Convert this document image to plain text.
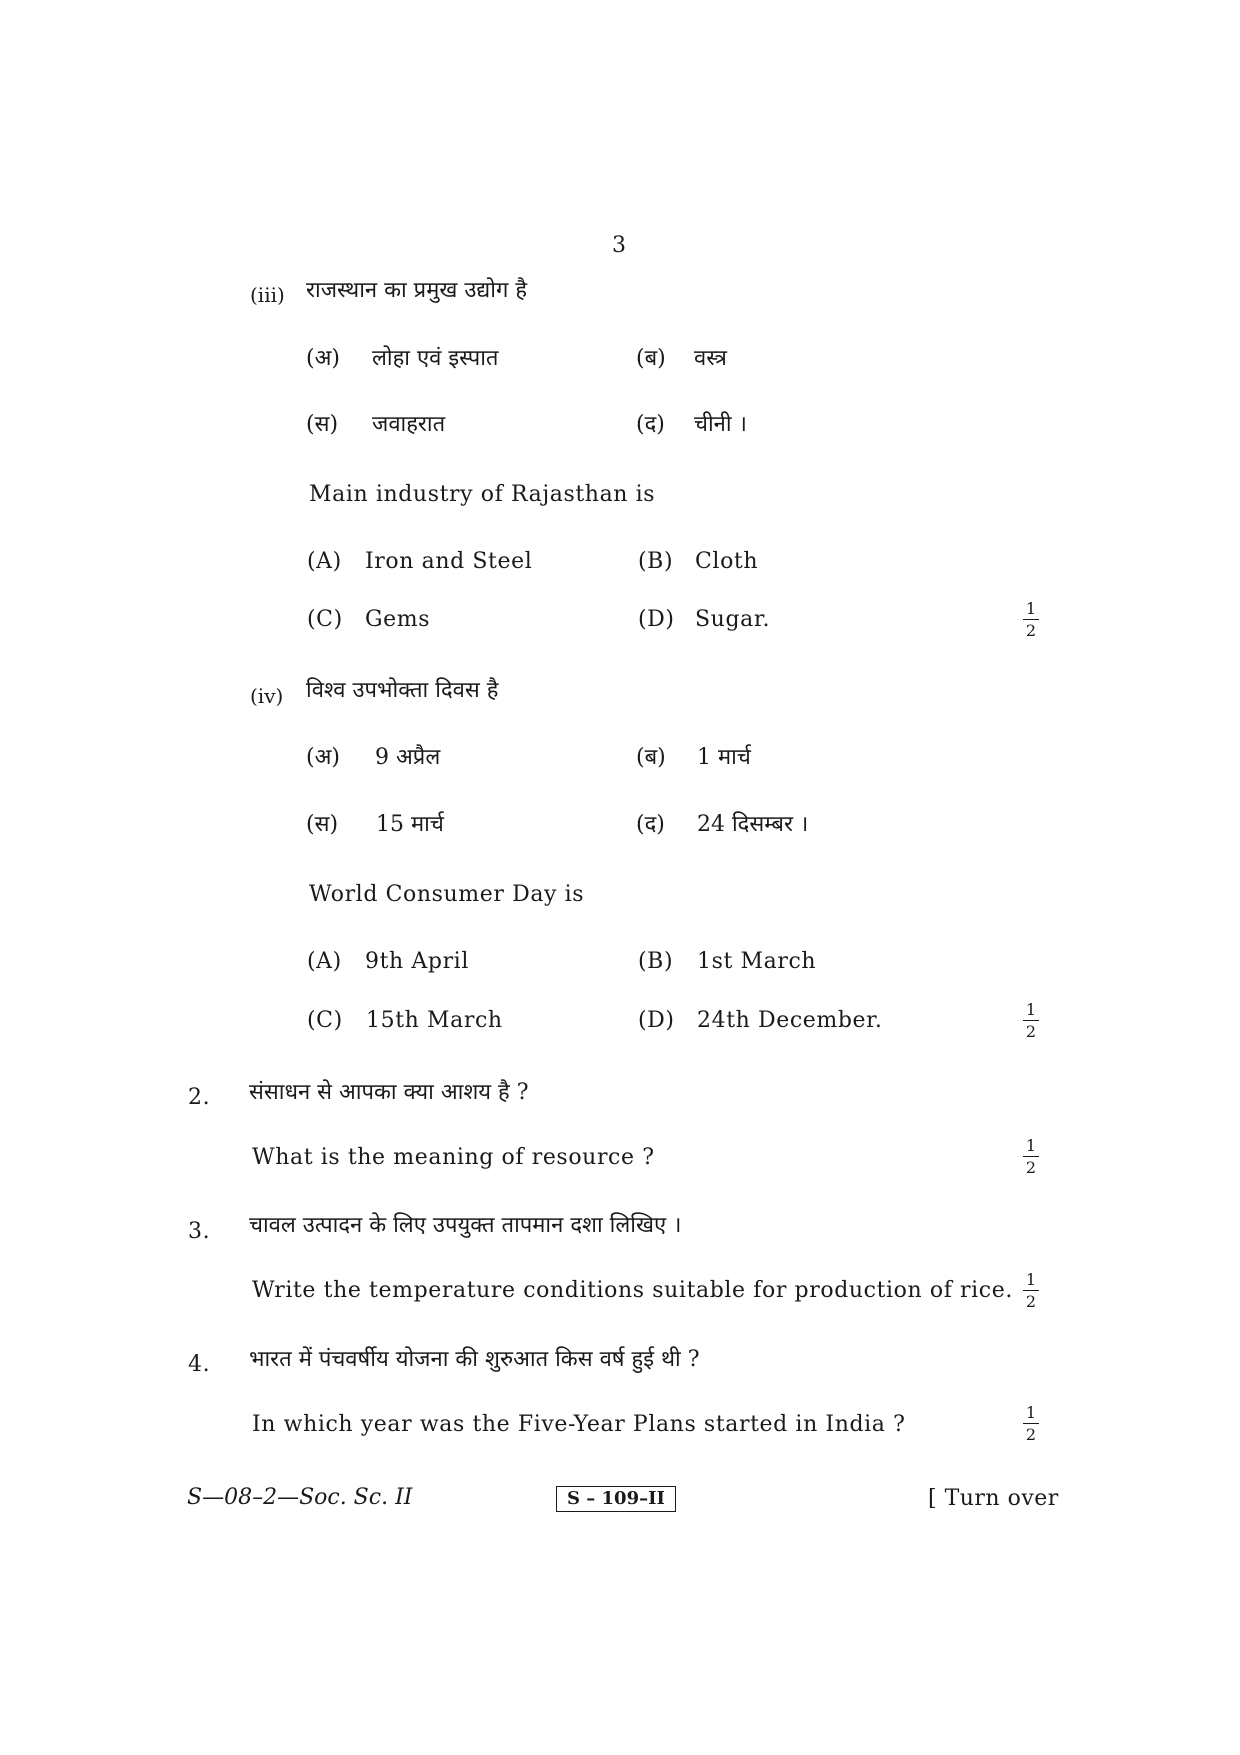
3
(iii) राजस्थान का प्रमुख उद्योग है
(अ) लोहा एवं इस्पात	(ब) वस्त्र
(स) जवाहरात	(द) चीनी ।
Main industry of Rajasthan is
(A) Iron and Steel	(B) Cloth
(C) Gems	(D) Sugar.	1
2
(iv) विश्व उपभोक्ता दिवस है
(अ) 9 अप्रैल	(ब) 1 मार्च
(स) 15 मार्च	(द) 24 दिसम्बर ।
World Consumer Day is
(A) 9th April	(B) 1st March
(C) 15th March	(D) 24th December.	1
2
2. संसाधन से आपका क्या आशय है ?
What is the meaning of resource ?	1
2
3. चावल उत्पादन के लिए उपयुक्त तापमान दशा लिखिए ।
Write the temperature conditions suitable for production of rice. 1
2
4. भारत में पंचवर्षीय योजना की शुरुआत किस वर्ष हुई थी ?
In which year was the Five-Year Plans started in India ?	1
2
S—08–2—Soc. Sc. II	S – 109–II	[ Turn over
